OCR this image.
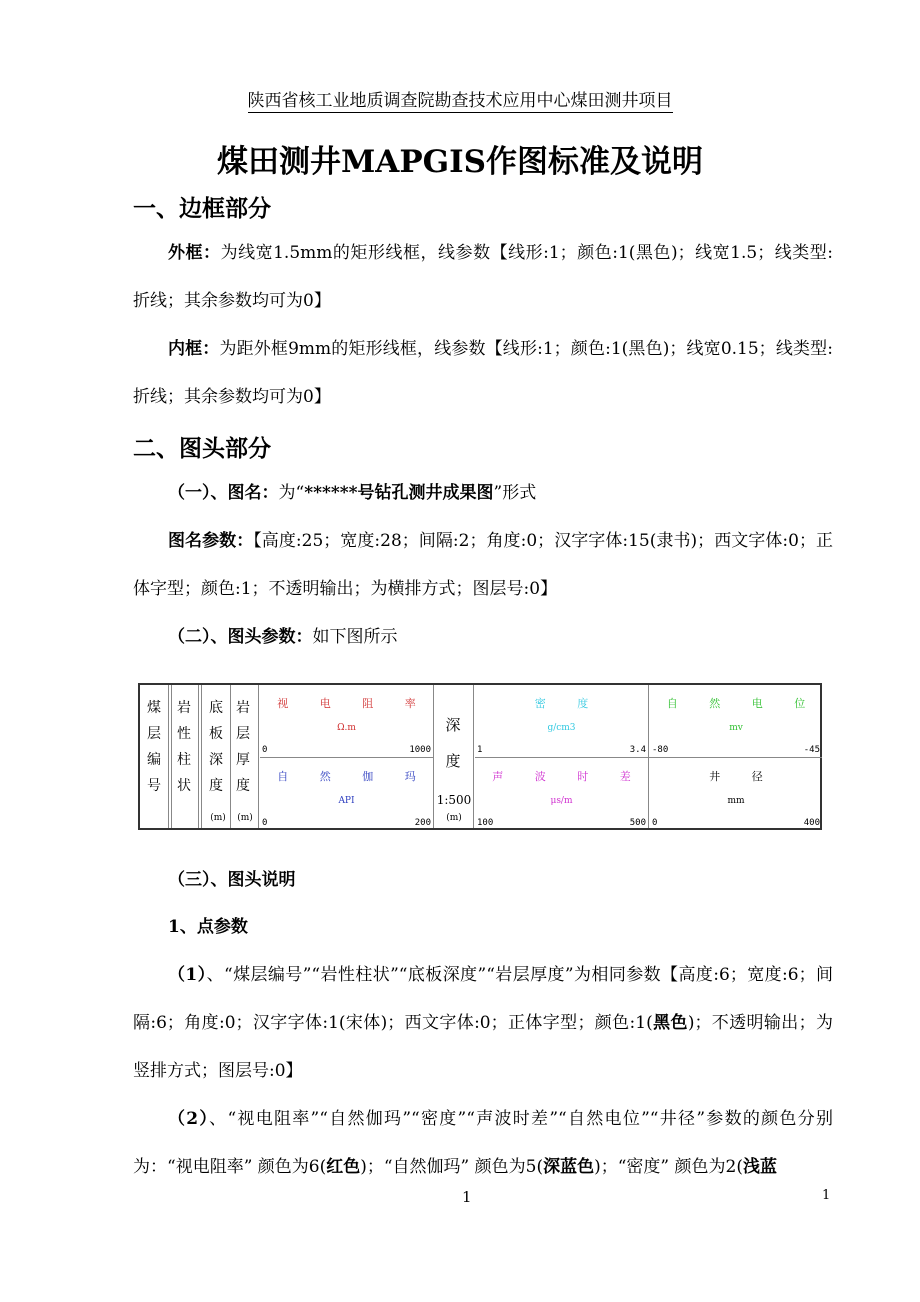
陕西省核工业地质调查院勘查技术应用中心煤田测井项目
煤田测井MAPGIS作图标准及说明
一、边框部分
外框：为线宽1.5mm的矩形线框，线参数【线形:1；颜色:1(黑色)；线宽1.5；线类型:折线；其余参数均可为0】
内框：为距外框9mm的矩形线框，线参数【线形:1；颜色:1(黑色)；线宽0.15；线类型:折线；其余参数均可为0】
二、图头部分
（一）、图名：为“******号钻孔测井成果图”形式
图名参数：【高度:25；宽度:28；间隔:2；角度:0；汉字字体:15(隶书)；西文字体:0；正体字型；颜色:1；不透明输出；为横排方式；图层号:0】
（二）、图头参数：如下图所示
煤层编号
岩性柱状
底板深度
岩层厚度
(m)	(m)
深度
1:500
(m)
视 电 阻 率
Ω.m
0	1000
自 然 伽 玛
API
0	200
密 度
g/cm3
1	3.4
声 波 时 差
μs/m
100	500
自 然 电 位
mv
-80	-45
井 径
mm
0	400
（三）、图头说明
1、点参数
（1）、“煤层编号”“岩性柱状”“底板深度”“岩层厚度”为相同参数【高度:6；宽度:6；间隔:6；角度:0；汉字字体:1(宋体)；西文字体:0；正体字型；颜色:1(黑色)；不透明输出；为竖排方式；图层号:0】
（2）、“视电阻率”“自然伽玛”“密度”“声波时差”“自然电位”“井径”参数的颜色分别为：“视电阻率” 颜色为6(红色)；“自然伽玛” 颜色为5(深蓝色)；“密度” 颜色为2(浅蓝
1	1
